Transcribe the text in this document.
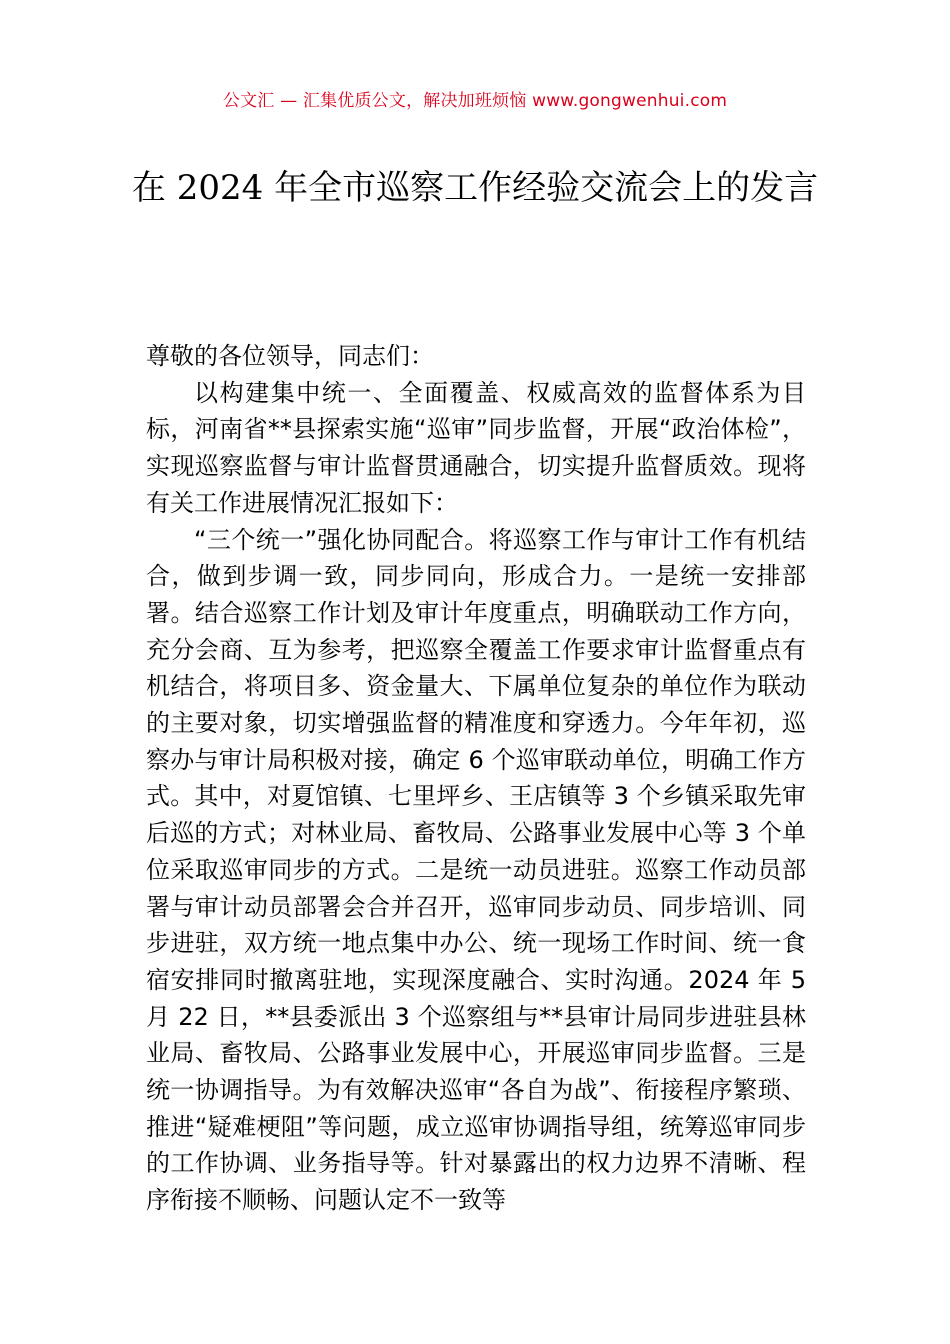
公文汇 — 汇集优质公文，解决加班烦恼 www.gongwenhui.com
在 2024 年全市巡察工作经验交流会上的发言

尊敬的各位领导，同志们：

以构建集中统一、全面覆盖、权威高效的监督体系为目标，河南省**县探索实施“巡审”同步监督，开展“政治体检”，实现巡察监督与审计监督贯通融合，切实提升监督质效。现将有关工作进展情况汇报如下：

“三个统一”强化协同配合。将巡察工作与审计工作有机结合，做到步调一致，同步同向，形成合力。一是统一安排部署。结合巡察工作计划及审计年度重点，明确联动工作方向，充分会商、互为参考，把巡察全覆盖工作要求审计监督重点有机结合，将项目多、资金量大、下属单位复杂的单位作为联动的主要对象，切实增强监督的精准度和穿透力。今年年初，巡察办与审计局积极对接，确定 6 个巡审联动单位，明确工作方式。其中，对夏馆镇、七里坪乡、王店镇等 3 个乡镇采取先审后巡的方式；对林业局、畜牧局、公路事业发展中心等 3 个单位采取巡审同步的方式。二是统一动员进驻。巡察工作动员部署与审计动员部署会合并召开，巡审同步动员、同步培训、同步进驻，双方统一地点集中办公、统一现场工作时间、统一食宿安排同时撤离驻地，实现深度融合、实时沟通。2024 年 5 月 22 日，**县委派出 3 个巡察组与**县审计局同步进驻县林业局、畜牧局、公路事业发展中心，开展巡审同步监督。三是统一协调指导。为有效解决巡审“各自为战”、衔接程序繁琐、推进“疑难梗阻”等问题，成立巡审协调指导组，统筹巡审同步的工作协调、业务指导等。针对暴露出的权力边界不清晰、程序衔接不顺畅、问题认定不一致等
